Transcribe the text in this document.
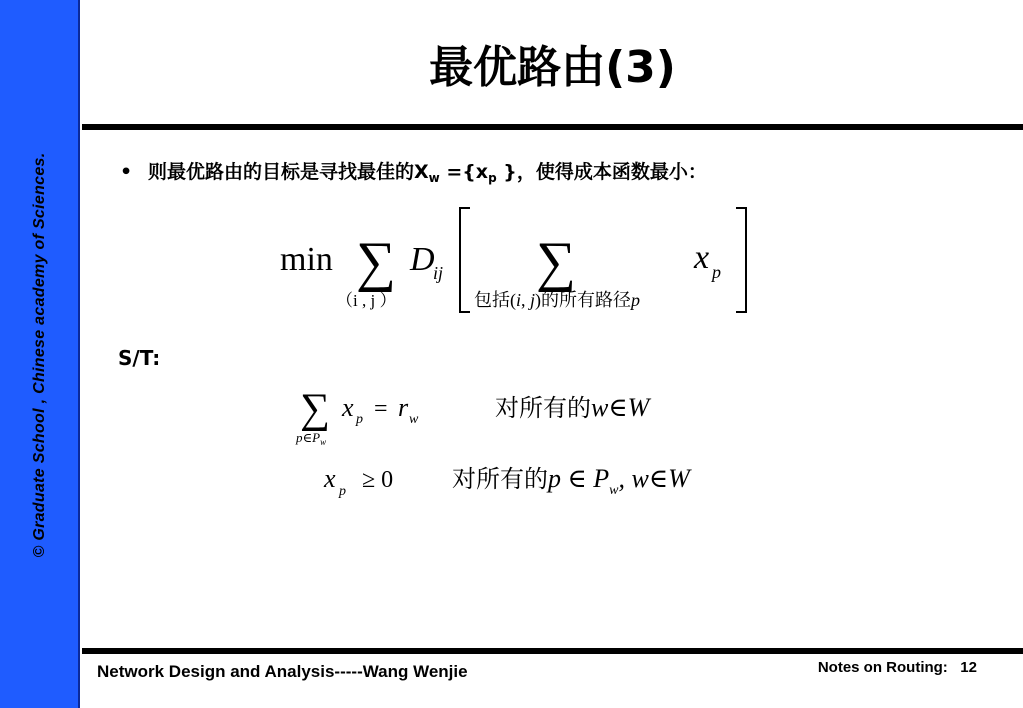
© Graduate School , Chinese academy of Sciences.
最优路由(3)
• 则最优路由的目标是寻找最佳的$X_w =\{x_p$ }，使得成本函数最小：
min ∑
（i , j ）
D
ij ∑	x p
包括(i, j)的所有路径p
S/T:
∑
$p\in P_w$
x p = r w	对所有的 w∈W
x p ≥ 0 对所有的 p ∈ $P_w$, w∈W
Network Design and Analysis-----Wang Wenjie	Notes on Routing:   12
